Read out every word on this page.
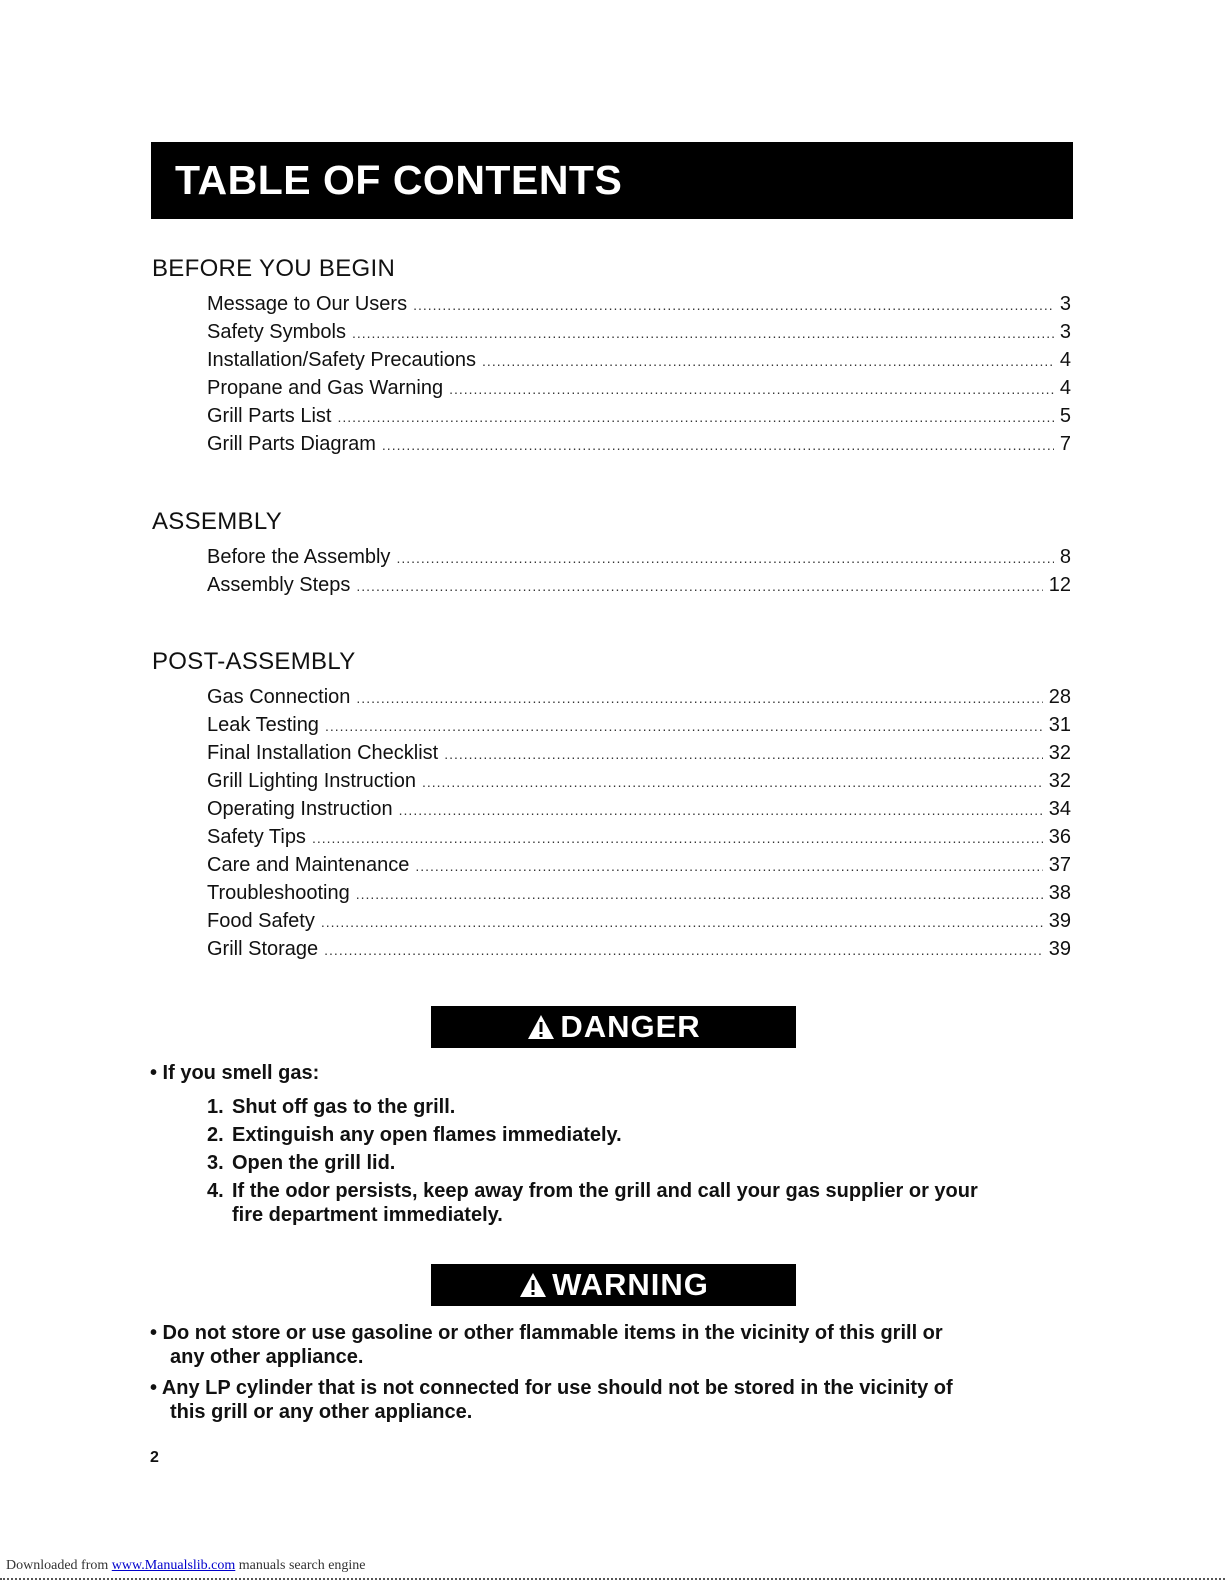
TABLE OF CONTENTS
BEFORE YOU BEGIN
Message to Our Users .....	3
Safety Symbols .....	3
Installation/Safety Precautions .....	4
Propane and Gas Warning .....	4
Grill Parts List .....	5
Grill Parts Diagram .....	7
ASSEMBLY
Before the Assembly .....	8
Assembly Steps .....	12
POST-ASSEMBLY
Gas Connection .....	28
Leak Testing .....	31
Final Installation Checklist .....	32
Grill Lighting Instruction .....	32
Operating Instruction .....	34
Safety Tips .....	36
Care and Maintenance .....	37
Troubleshooting .....	38
Food Safety .....	39
Grill Storage .....	39
DANGER
• If you smell gas:
1. Shut off gas to the grill.
2. Extinguish any open flames immediately.
3. Open the grill lid.
4. If the odor persists, keep away from the grill and call your gas supplier or your
fire department immediately.
WARNING
• Do not store or use gasoline or other flammable items in the vicinity of this grill or
any other appliance.
• Any LP cylinder that is not connected for use should not be stored in the vicinity of
this grill or any other appliance.
2
Downloaded from www.Manualslib.com manuals search engine
